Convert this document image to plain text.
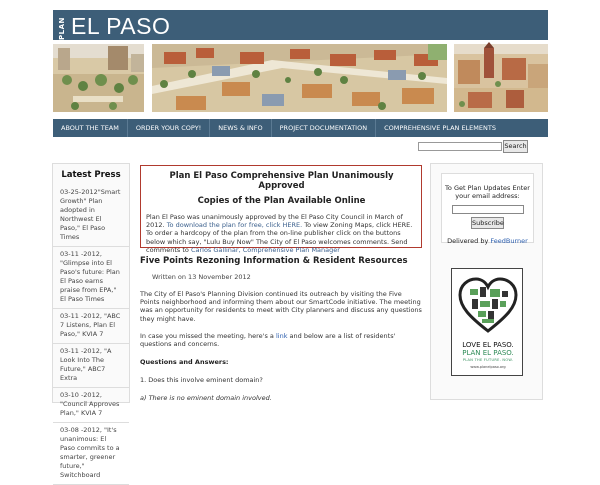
PLAN EL PASO
ABOUT THE TEAM	ORDER YOUR COPY!	NEWS & INFO	PROJECT DOCUMENTATION	COMPREHENSIVE PLAN ELEMENTS
Search
Latest Press
03-25-2012"Smart Growth" Plan adopted in Northwest El Paso," El Paso Times
03-11 -2012, "Glimpse into El Paso's future: Plan El Paso earns praise from EPA," El Paso Times
03-11 -2012, "ABC 7 Listens, Plan El Paso," KVIA 7
03-11 -2012, "A Look Into The Future," ABC7 Extra
03-10 -2012, "Council Approves Plan," KVIA 7
03-08 -2012, "It's unanimous: El Paso commits to a smarter, greener future," Switchboard
Plan El Paso Comprehensive Plan Unanimously Approved
Copies of the Plan Available Online
Plan El Paso was unanimously approved by the El Paso City Council in March of 2012. To download the plan for free, click HERE. To view Zoning Maps, click HERE. To order a hardcopy of the plan from the on-line publisher click on the buttons below which say, "Lulu Buy Now" The City of El Paso welcomes comments. Send comments to Carlos Gallinar, Comprehensive Plan Manager
Five Points Rezoning Information & Resident Resources
Written on 13 November 2012
The City of El Paso's Planning Division continued its outreach by visiting the Five Points neighborhood and informing them about our SmartCode initiative. The meeting was an opportunity for residents to meet with City planners and discuss any questions they might have.
In case you missed the meeting, here's a link and below are a list of residents' questions and concerns.
Questions and Answers:
1. Does this involve eminent domain?
a) There is no eminent domain involved.
To Get Plan Updates Enter your email address:
Subscribe
Delivered by FeedBurner
LOVE EL PASO.
PLAN EL PASO.
PLAN THE FUTURE. NOW.
www.planelpaso.org
